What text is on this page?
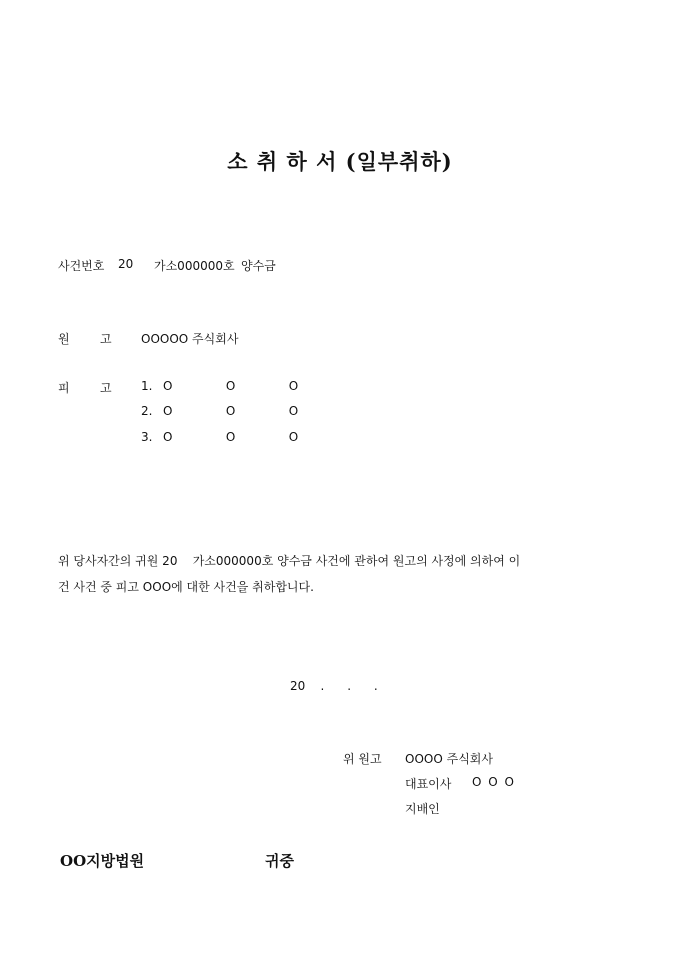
소 취 하 서 (일부취하)
사건번호 20 가소000000호 양수금
원	고 OOOOO 주식회사
피	고 1. O   O   O
2. O   O   O
3. O   O   O
위 당사자간의 귀원 20    가소000000호 양수금 사건에 관하여 원고의 사정에 의하여 이
건 사건 중 피고 OOO에 대한 사건을 취하합니다.
20    .      .      .
위 원고 OOOO 주식회사
대표이사 O O O
지배인
OO지방법원	귀중
